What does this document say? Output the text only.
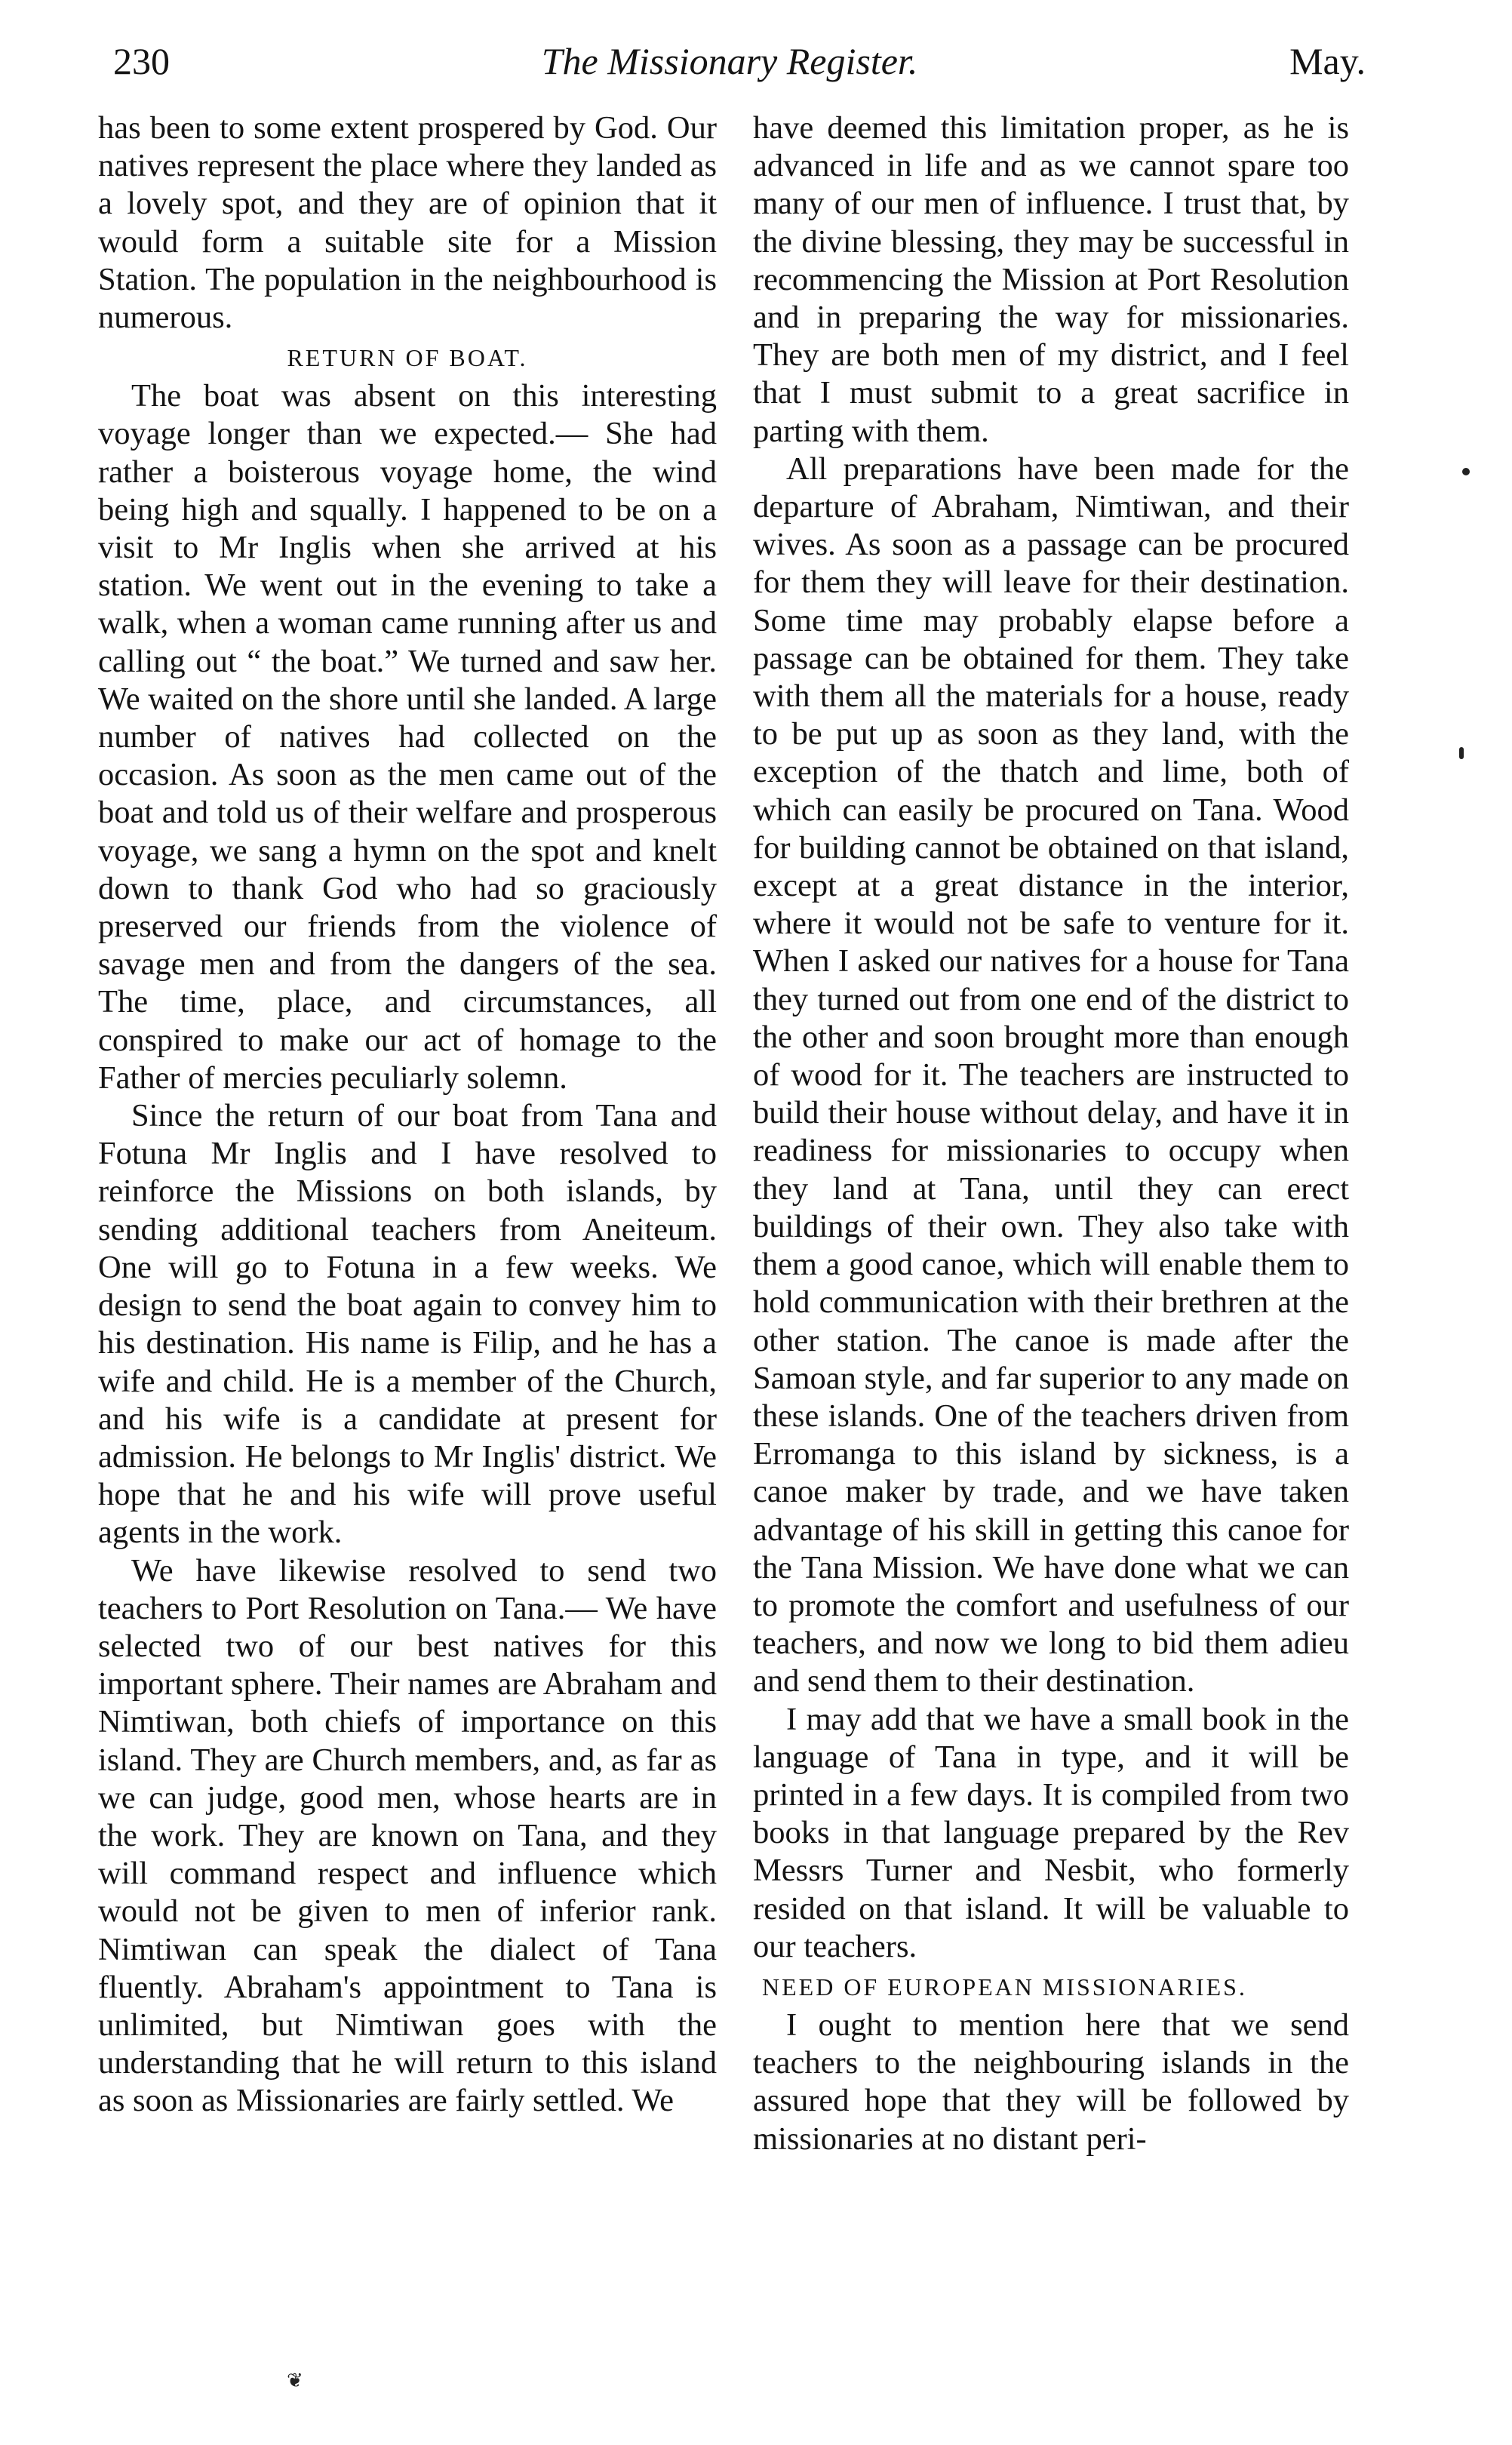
230	The Missionary Register.	May.

has been to some extent prospered by God. Our natives represent the place where they landed as a lovely spot, and they are of opinion that it would form a suitable site for a Mission Station. The population in the neighbourhood is numerous.

RETURN OF BOAT.

The boat was absent on this interesting voyage longer than we expected.— She had rather a boisterous voyage home, the wind being high and squally. I happened to be on a visit to Mr Inglis when she arrived at his station. We went out in the evening to take a walk, when a woman came running after us and calling out “ the boat.” We turned and saw her. We waited on the shore until she landed. A large number of natives had collected on the occasion. As soon as the men came out of the boat and told us of their welfare and prosperous voyage, we sang a hymn on the spot and knelt down to thank God who had so graciously preserved our friends from the violence of savage men and from the dangers of the sea. The time, place, and circumstances, all conspired to make our act of homage to the Father of mercies peculiarly solemn.

Since the return of our boat from Tana and Fotuna Mr Inglis and I have resolved to reinforce the Missions on both islands, by sending additional teachers from Aneiteum. One will go to Fotuna in a few weeks. We design to send the boat again to convey him to his destination. His name is Filip, and he has a wife and child. He is a member of the Church, and his wife is a candidate at present for admission. He belongs to Mr Inglis' district. We hope that he and his wife will prove useful agents in the work.

We have likewise resolved to send two teachers to Port Resolution on Tana.— We have selected two of our best natives for this important sphere. Their names are Abraham and Nimtiwan, both chiefs of importance on this island. They are Church members, and, as far as we can judge, good men, whose hearts are in the work. They are known on Tana, and they will command respect and influence which would not be given to men of inferior rank. Nimtiwan can speak the dialect of Tana fluently. Abraham's appointment to Tana is unlimited, but Nimtiwan goes with the understanding that he will return to this island as soon as Missionaries are fairly settled. We

have deemed this limitation proper, as he is advanced in life and as we cannot spare too many of our men of influence. I trust that, by the divine blessing, they may be successful in recommencing the Mission at Port Resolution and in preparing the way for missionaries. They are both men of my district, and I feel that I must submit to a great sacrifice in parting with them.

All preparations have been made for the departure of Abraham, Nimtiwan, and their wives. As soon as a passage can be procured for them they will leave for their destination. Some time may probably elapse before a passage can be obtained for them. They take with them all the materials for a house, ready to be put up as soon as they land, with the exception of the thatch and lime, both of which can easily be procured on Tana. Wood for building cannot be obtained on that island, except at a great distance in the interior, where it would not be safe to venture for it. When I asked our natives for a house for Tana they turned out from one end of the district to the other and soon brought more than enough of wood for it. The teachers are instructed to build their house without delay, and have it in readiness for missionaries to occupy when they land at Tana, until they can erect buildings of their own. They also take with them a good canoe, which will enable them to hold communication with their brethren at the other station. The canoe is made after the Samoan style, and far superior to any made on these islands. One of the teachers driven from Erromanga to this island by sickness, is a canoe maker by trade, and we have taken advantage of his skill in getting this canoe for the Tana Mission. We have done what we can to promote the comfort and usefulness of our teachers, and now we long to bid them adieu and send them to their destination.

I may add that we have a small book in the language of Tana in type, and it will be printed in a few days. It is compiled from two books in that language prepared by the Rev Messrs Turner and Nesbit, who formerly resided on that island. It will be valuable to our teachers.

NEED OF EUROPEAN MISSIONARIES.

I ought to mention here that we send teachers to the neighbouring islands in the assured hope that they will be followed by missionaries at no distant peri-

❦
